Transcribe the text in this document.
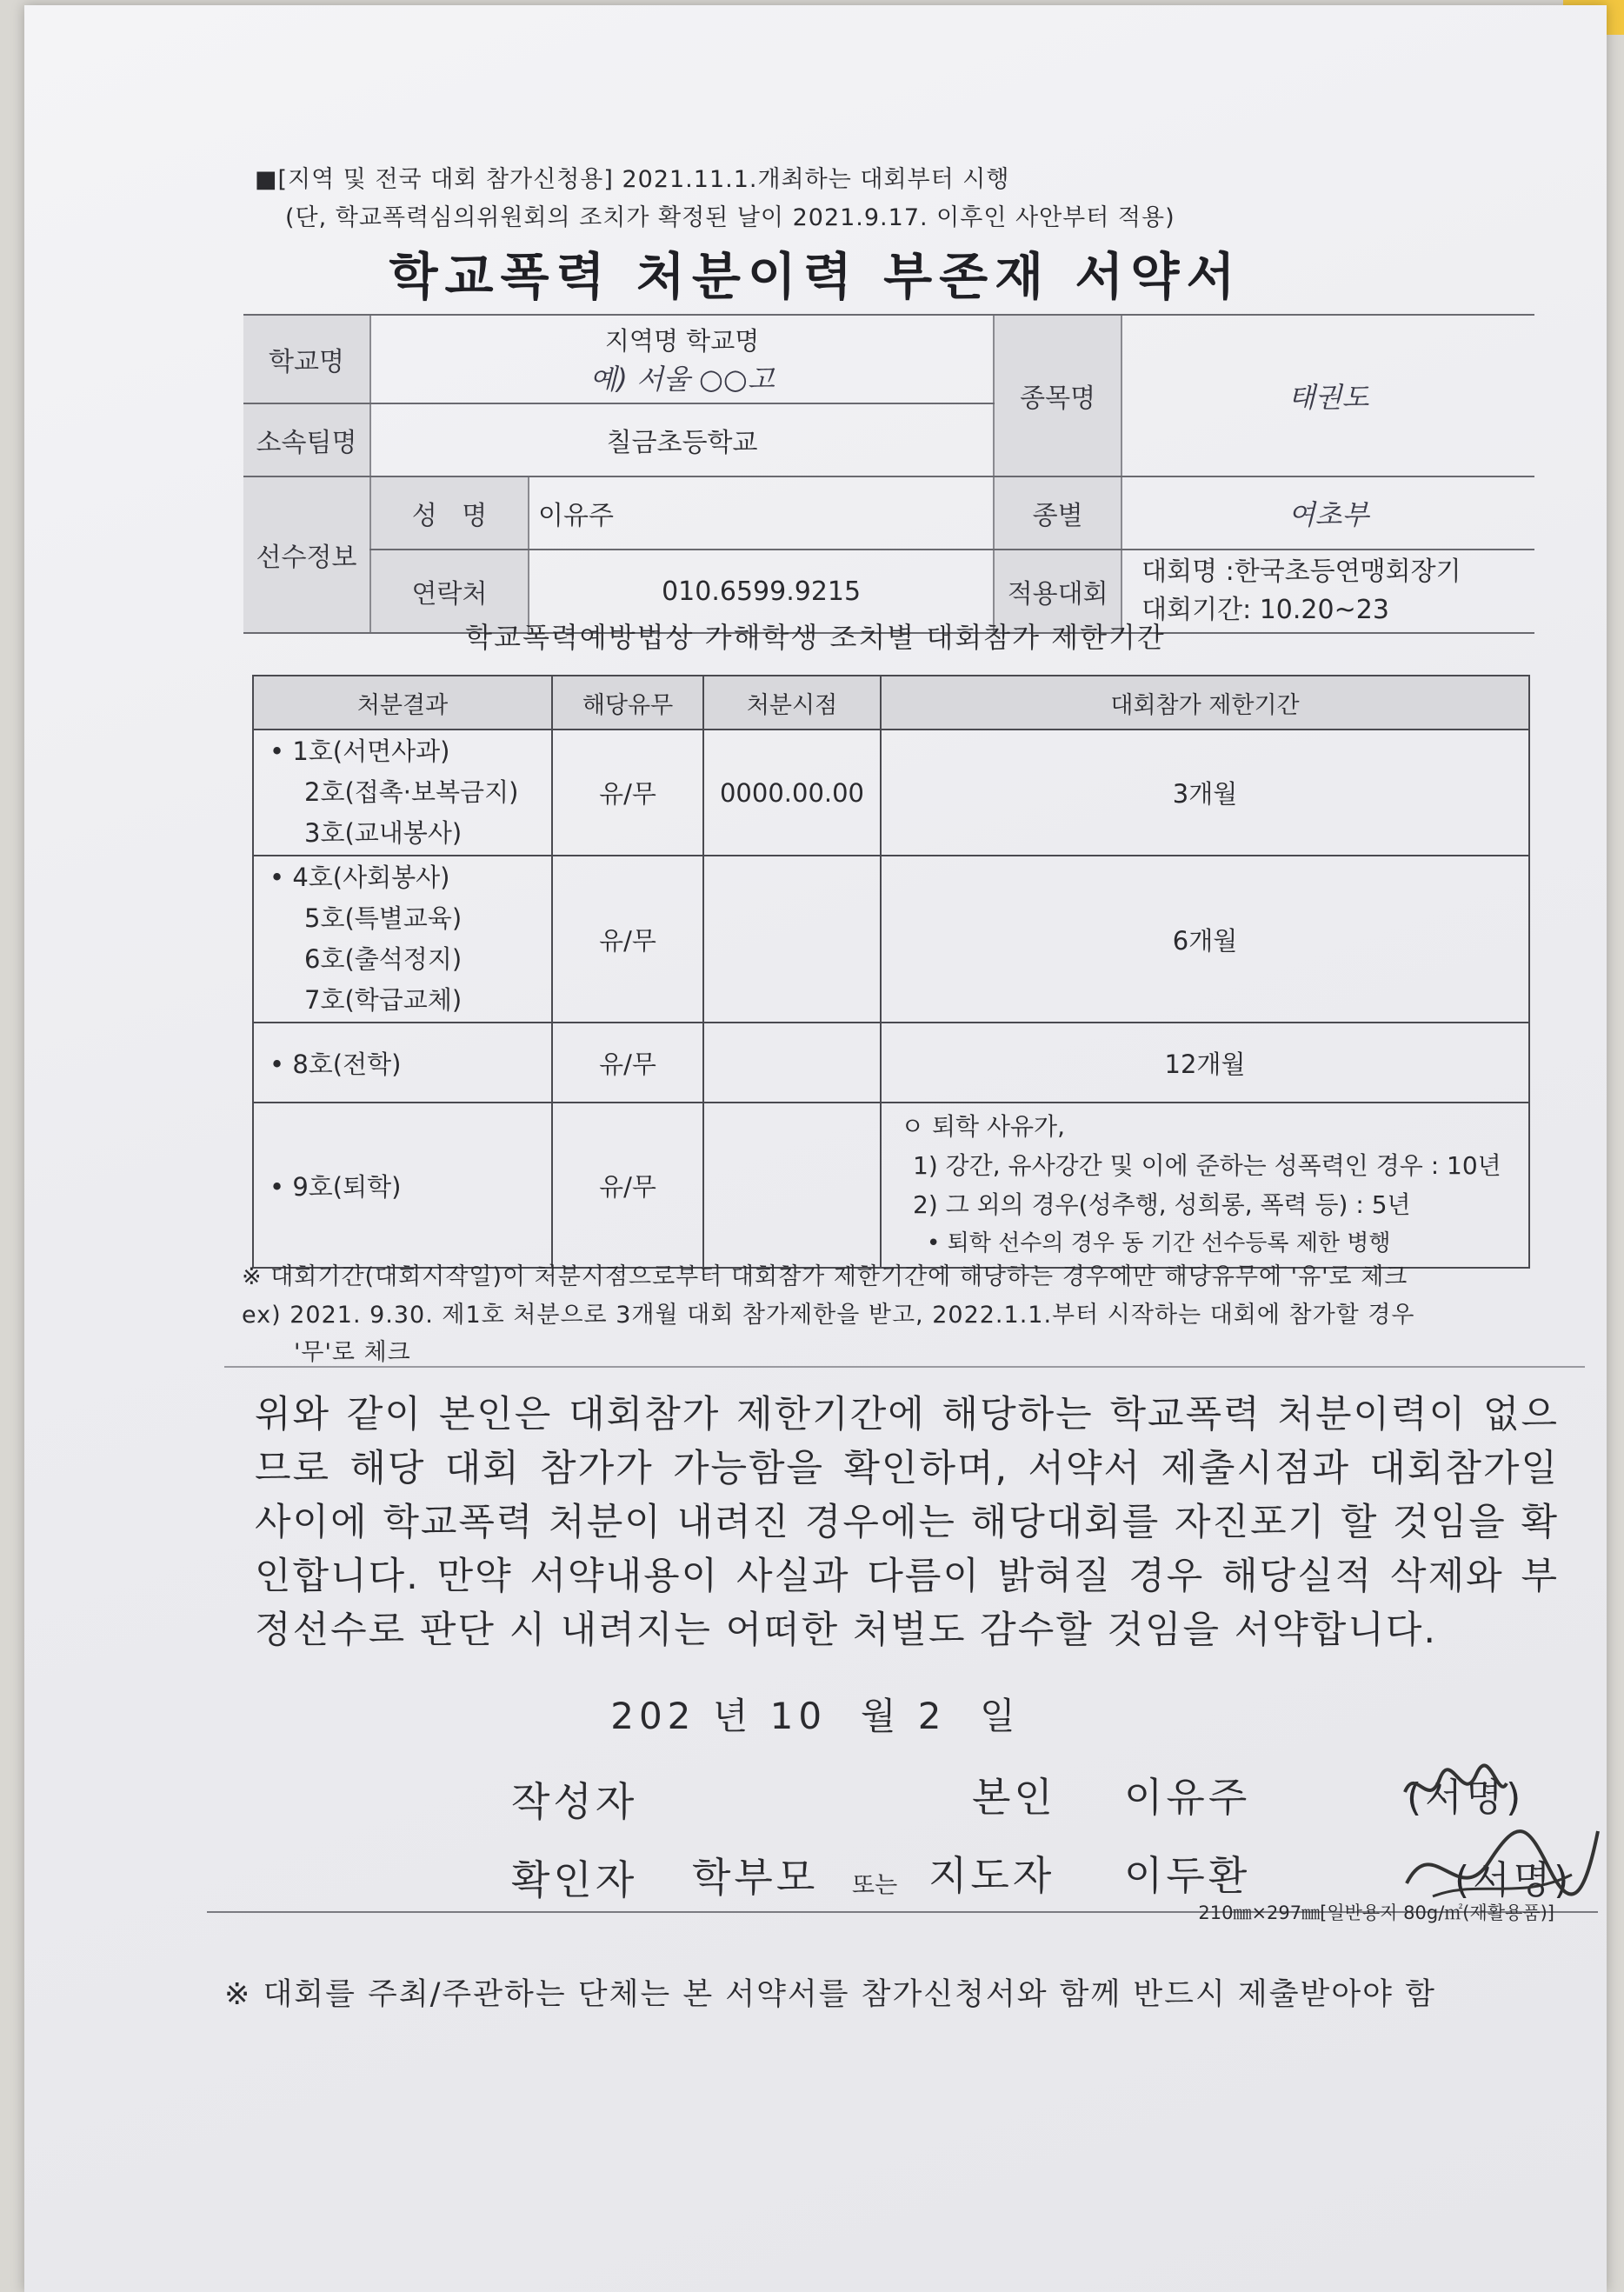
■[지역 및 전국 대회 참가신청용] 2021.11.1.개최하는 대회부터 시행
(단, 학교폭력심의위원회의 조치가 확정된 날이 2021.9.17. 이후인 사안부터 적용)
학교폭력 처분이력 부존재 서약서
학교명	지역명 학교명
예) 서울 ○○고		종목명	태권도
소속팀명	칠금초등학교			
선수정보	성   명	이유주	종별	여초부
	연락처	010.6599.9215	적용대회	대회명 :한국초등연맹회장기
대회기간: 10.20~23
학교폭력예방법상 가해학생 조치별 대회참가 제한기간
처분결과	해당유무	처분시점	대회참가 제한기간

• 1호(서면사과)
2호(접촉·보복금지)
3호(교내봉사)	유/무	0000.00.00	3개월

• 4호(사회봉사)
5호(특별교육)
6호(출석정지)
7호(학급교체)	유/무		6개월
• 8호(전학)	유/무		12개월
• 9호(퇴학)	유/무		ㅇ 퇴학 사유가,
1) 강간, 유사강간 및 이에 준하는 성폭력인 경우 : 10년
2) 그 외의 경우(성추행, 성희롱, 폭력 등) : 5년
• 퇴학 선수의 경우 동 기간 선수등록 제한 병행
※ 대회기간(대회시작일)이 처분시점으로부터 대회참가 제한기간에 해당하는 경우에만 해당유무에 '유'로 체크
ex) 2021. 9.30. 제1호 처분으로 3개월 대회 참가제한을 받고, 2022.1.1.부터 시작하는 대회에 참가할 경우
'무'로 체크
위와 같이 본인은 대회참가 제한기간에 해당하는 학교폭력 처분이력이 없으므로 해당 대회 참가가 가능함을 확인하며, 서약서 제출시점과 대회참가일 사이에 학교폭력 처분이 내려진 경우에는 해당대회를 자진포기 할 것임을 확인합니다. 만약 서약내용이 사실과 다름이 밝혀질 경우 해당실적 삭제와 부정선수로 판단 시 내려지는 어떠한 처벌도 감수할 것임을 서약합니다.
202 년 10  월 2  일
작성자	본인 이유주	(서명)
확인자 학부모 또는 지도자 이두환	(서명)
210㎜×297㎜[일반용지 80g/㎡(재활용품)]
※ 대회를 주최/주관하는 단체는 본 서약서를 참가신청서와 함께 반드시 제출받아야 함
